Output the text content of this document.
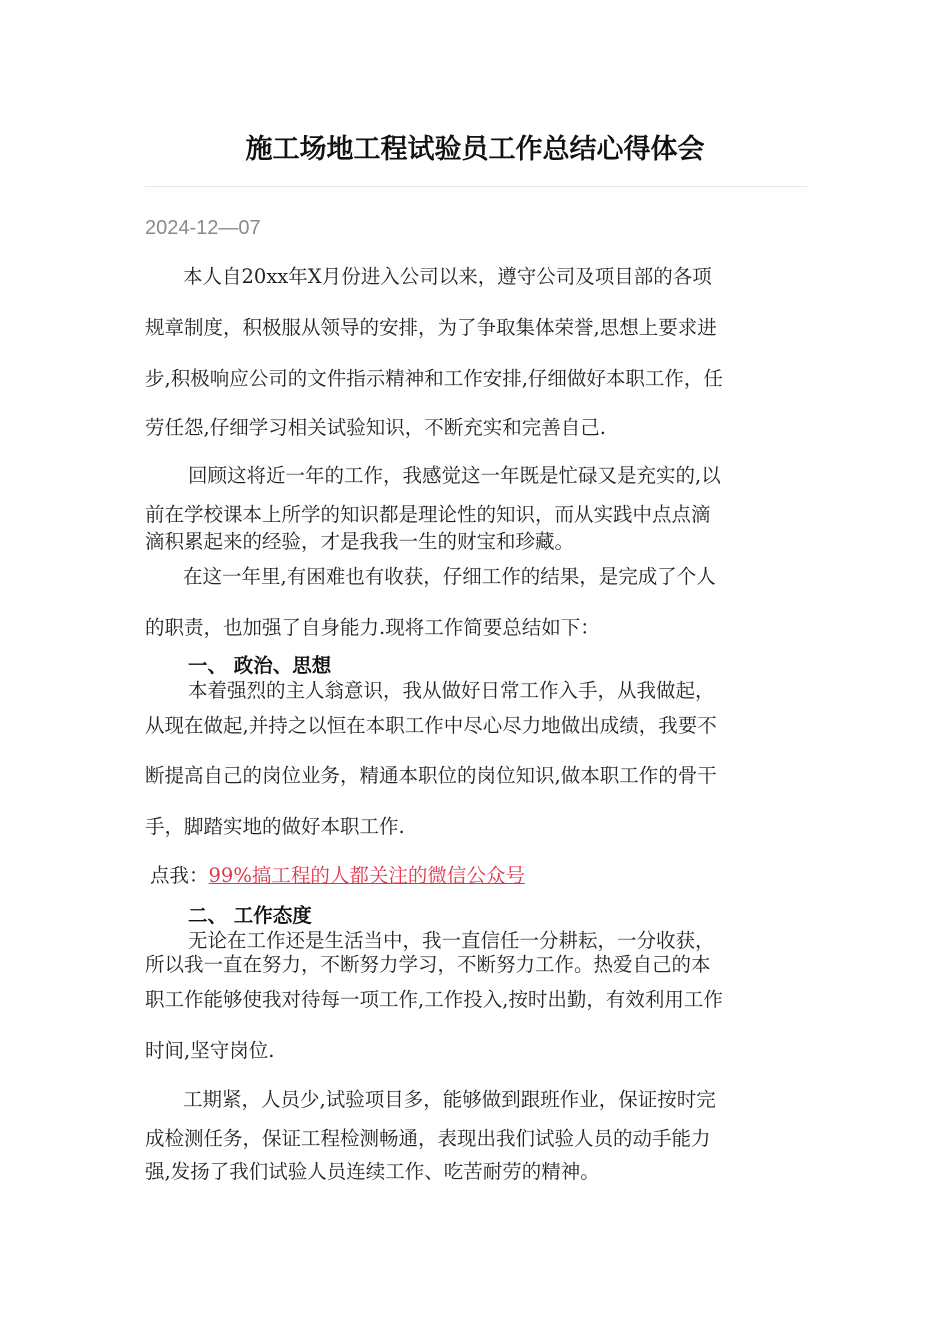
施工场地工程试验员工作总结心得体会
2024-12—07
本人自20xx年X月份进入公司以来，遵守公司及项目部的各项
规章制度，积极服从领导的安排，为了争取集体荣誉,思想上要求进
步,积极响应公司的文件指示精神和工作安排,仔细做好本职工作，任
劳任怨,仔细学习相关试验知识，不断充实和完善自己.
回顾这将近一年的工作，我感觉这一年既是忙碌又是充实的,以
前在学校课本上所学的知识都是理论性的知识，而从实践中点点滴
滴积累起来的经验，才是我我一生的财宝和珍藏。
在这一年里,有困难也有收获，仔细工作的结果，是完成了个人
的职责，也加强了自身能力.现将工作简要总结如下：
一、 政治、思想
本着强烈的主人翁意识，我从做好日常工作入手，从我做起，
从现在做起,并持之以恒在本职工作中尽心尽力地做出成绩，我要不
断提高自己的岗位业务，精通本职位的岗位知识,做本职工作的骨干
手，脚踏实地的做好本职工作.
点我：99%搞工程的人都关注的微信公众号
二、 工作态度
无论在工作还是生活当中，我一直信任一分耕耘，一分收获，
所以我一直在努力，不断努力学习，不断努力工作。热爱自己的本
职工作能够使我对待每一项工作,工作投入,按时出勤，有效利用工作
时间,坚守岗位.
工期紧，人员少,试验项目多，能够做到跟班作业，保证按时完
成检测任务，保证工程检测畅通，表现出我们试验人员的动手能力
强,发扬了我们试验人员连续工作、吃苦耐劳的精神。
